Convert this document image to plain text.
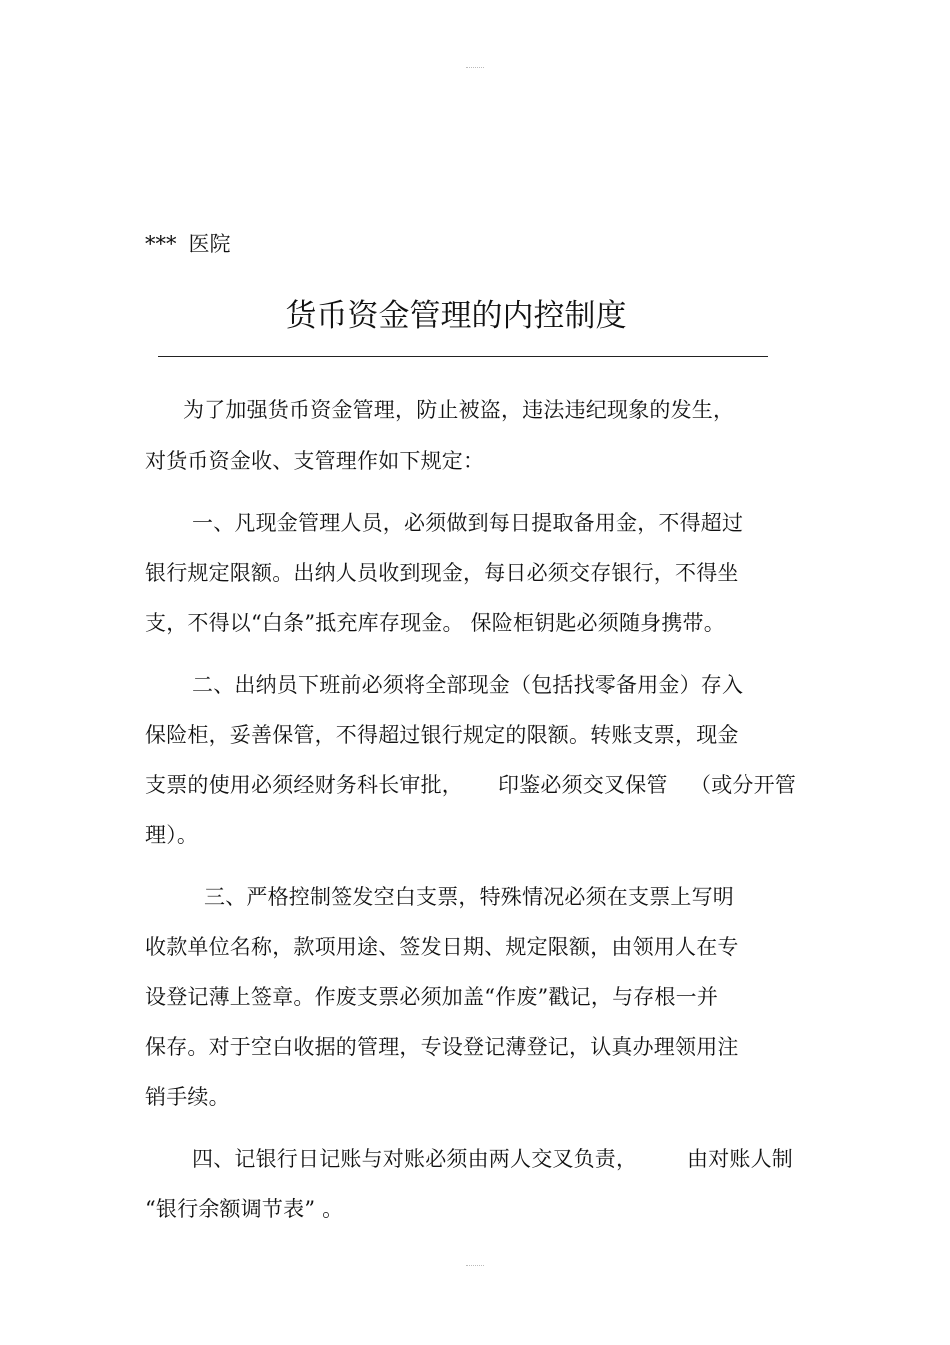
*** 医院
货币资金管理的内控制度
为了加强货币资金管理，防止被盗，违法违纪现象的发生，
对货币资金收、支管理作如下规定：
一、凡现金管理人员，必须做到每日提取备用金，不得超过
银行规定限额。出纳人员收到现金，每日必须交存银行，不得坐
支，不得以“白条”抵充库存现金。 保险柜钥匙必须随身携带。
二、出纳员下班前必须将全部现金（包括找零备用金）存入
保险柜，妥善保管，不得超过银行规定的限额。转账支票，现金
支票的使用必须经财务科长审批， 印鉴必须交叉保管 （或分开管
理）。
三、严格控制签发空白支票，特殊情况必须在支票上写明
收款单位名称，款项用途、签发日期、规定限额，由领用人在专
设登记薄上签章。作废支票必须加盖“作废”戳记，与存根一并
保存。对于空白收据的管理，专设登记薄登记，认真办理领用注
销手续。
四、记银行日记账与对账必须由两人交叉负责， 由对账人制
“银行余额调节表” 。
